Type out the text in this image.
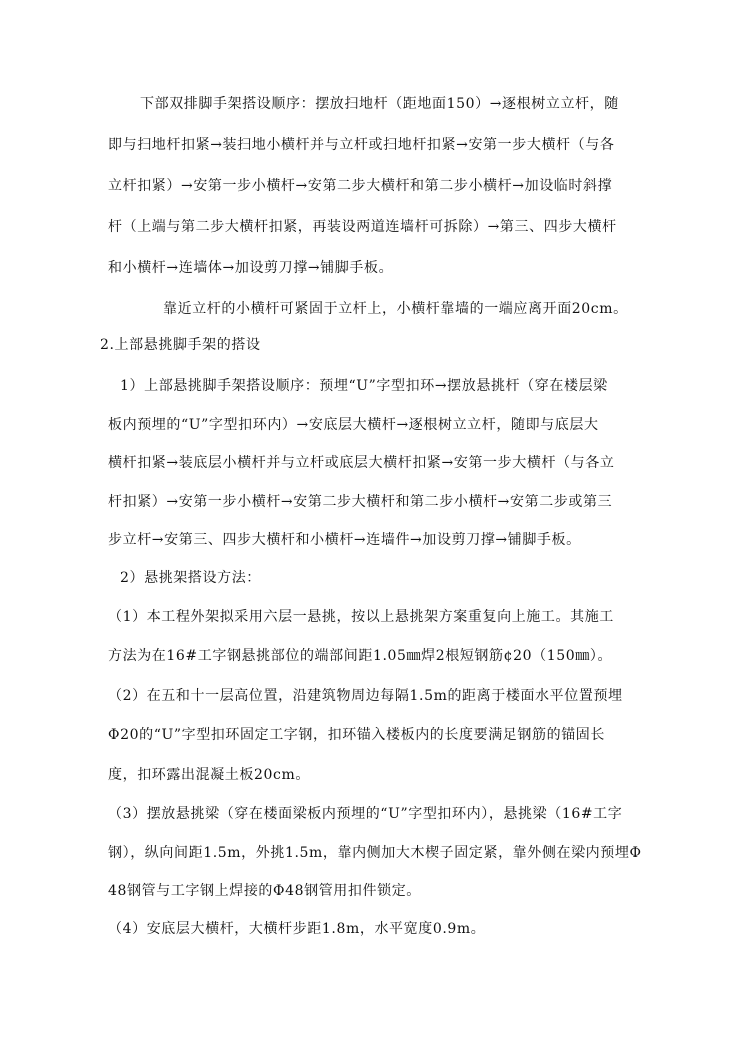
下部双排脚手架搭设顺序：摆放扫地杆（距地面150）→逐根树立立杆，随
即与扫地杆扣紧→装扫地小横杆并与立杆或扫地杆扣紧→安第一步大横杆（与各
立杆扣紧）→安第一步小横杆→安第二步大横杆和第二步小横杆→加设临时斜撑
杆（上端与第二步大横杆扣紧，再装设两道连墙杆可拆除）→第三、四步大横杆
和小横杆→连墙体→加设剪刀撑→铺脚手板。
靠近立杆的小横杆可紧固于立杆上，小横杆靠墙的一端应离开面20cm。
2.上部悬挑脚手架的搭设
1）上部悬挑脚手架搭设顺序：预埋“U”字型扣环→摆放悬挑杆（穿在楼层梁
板内预埋的“U”字型扣环内）→安底层大横杆→逐根树立立杆，随即与底层大
横杆扣紧→装底层小横杆并与立杆或底层大横杆扣紧→安第一步大横杆（与各立
杆扣紧）→安第一步小横杆→安第二步大横杆和第二步小横杆→安第二步或第三
步立杆→安第三、四步大横杆和小横杆→连墙件→加设剪刀撑→铺脚手板。
2）悬挑架搭设方法：
（1）本工程外架拟采用六层一悬挑，按以上悬挑架方案重复向上施工。其施工
方法为在16#工字钢悬挑部位的端部间距1.05㎜焊2根短钢筋¢20（150㎜）。
（2）在五和十一层高位置，沿建筑物周边每隔1.5m的距离于楼面水平位置预埋
Φ20的“U”字型扣环固定工字钢，扣环锚入楼板内的长度要满足钢筋的锚固长
度，扣环露出混凝土板20cm。
（3）摆放悬挑梁（穿在楼面梁板内预埋的“U”字型扣环内），悬挑梁（16#工字
钢），纵向间距1.5m，外挑1.5m，靠内侧加大木楔子固定紧，靠外侧在梁内预埋Φ
48钢管与工字钢上焊接的Φ48钢管用扣件锁定。
（4）安底层大横杆，大横杆步距1.8m，水平宽度0.9m。
